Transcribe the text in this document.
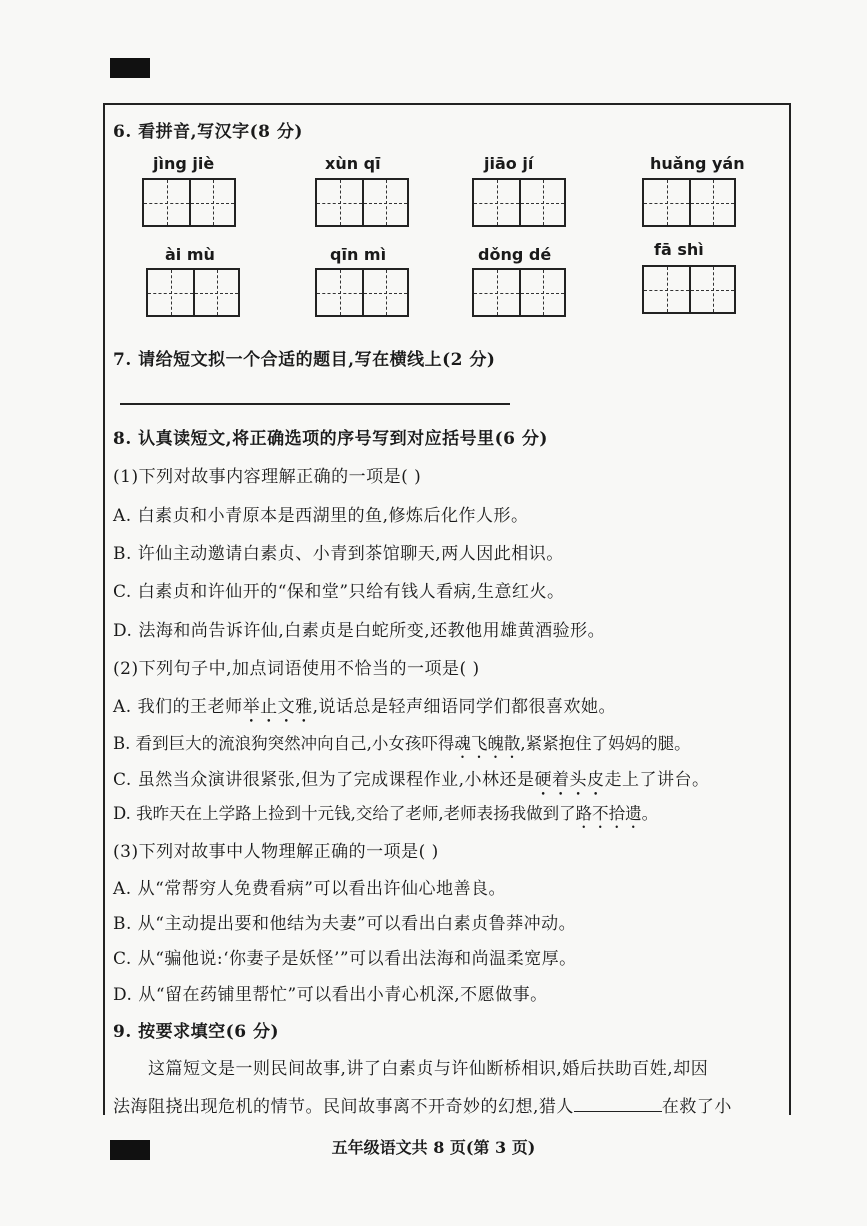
6. 看拼音,写汉字(8 分)
jìng jiè	xùn qī	jiāo jí	huǎng yán
ài mù	qīn mì	dǒng dé	fā shì
7. 请给短文拟一个合适的题目,写在横线上(2 分)
8. 认真读短文,将正确选项的序号写到对应括号里(6 分)
(1)下列对故事内容理解正确的一项是( )
A. 白素贞和小青原本是西湖里的鱼,修炼后化作人形。
B. 许仙主动邀请白素贞、小青到茶馆聊天,两人因此相识。
C. 白素贞和许仙开的“保和堂”只给有钱人看病,生意红火。
D. 法海和尚告诉许仙,白素贞是白蛇所变,还教他用雄黄酒验形。
(2)下列句子中,加点词语使用不恰当的一项是( )
A. 我们的王老师举止文雅,说话总是轻声细语同学们都很喜欢她。
B. 看到巨大的流浪狗突然冲向自己,小女孩吓得魂飞魄散,紧紧抱住了妈妈的腿。
C. 虽然当众演讲很紧张,但为了完成课程作业,小林还是硬着头皮走上了讲台。
D. 我昨天在上学路上捡到十元钱,交给了老师,老师表扬我做到了路不拾遗。
(3)下列对故事中人物理解正确的一项是( )
A. 从“常帮穷人免费看病”可以看出许仙心地善良。
B. 从“主动提出要和他结为夫妻”可以看出白素贞鲁莽冲动。
C. 从“骗他说:‘你妻子是妖怪’”可以看出法海和尚温柔宽厚。
D. 从“留在药铺里帮忙”可以看出小青心机深,不愿做事。
9. 按要求填空(6 分)
这篇短文是一则民间故事,讲了白素贞与许仙断桥相识,婚后扶助百姓,却因
法海阻挠出现危机的情节。民间故事离不开奇妙的幻想,猎人	在救了小
五年级语文共 8 页(第 3 页)
